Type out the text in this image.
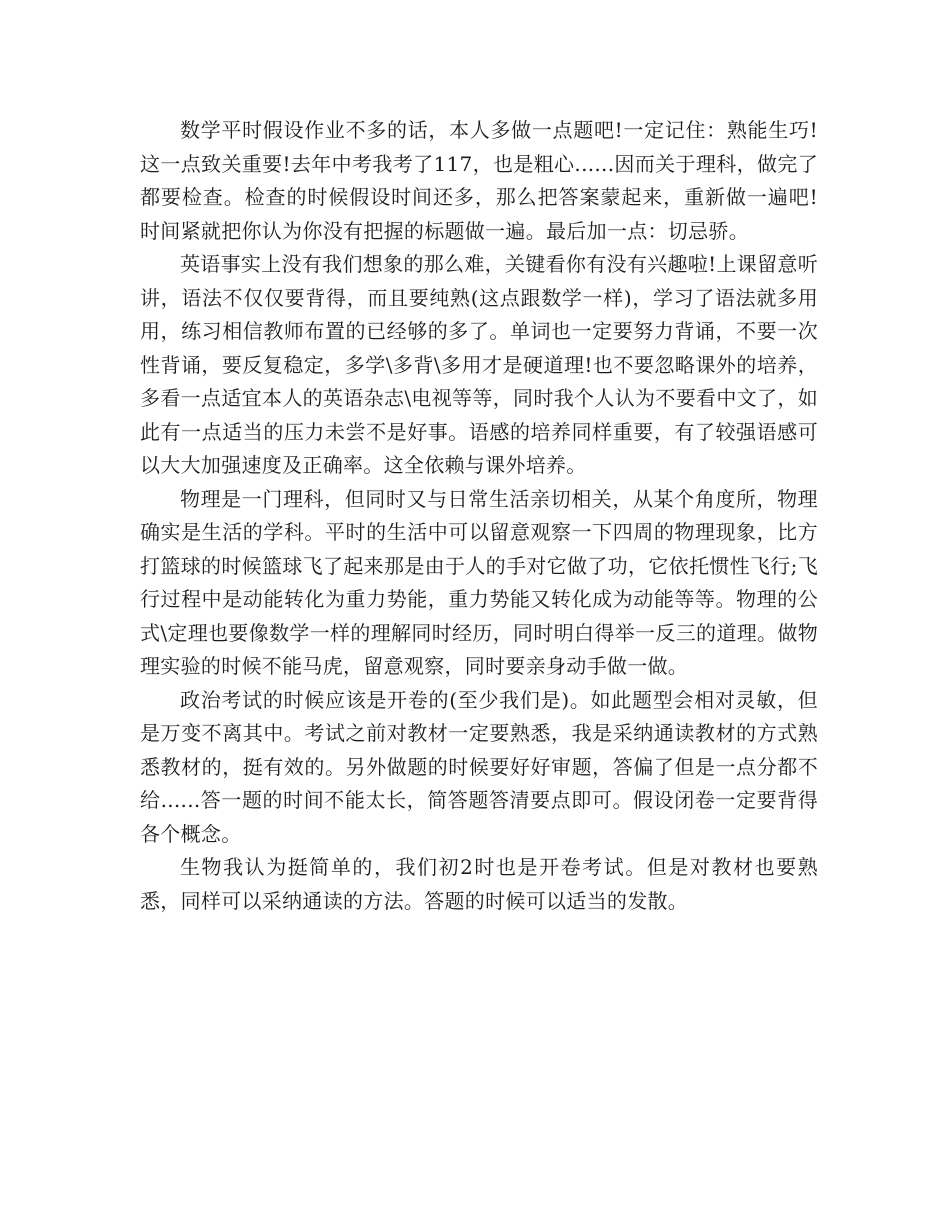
数学平时假设作业不多的话，本人多做一点题吧!一定记住：熟能生巧!这一点致关重要!去年中考我考了117，也是粗心......因而关于理科，做完了都要检查。检查的时候假设时间还多，那么把答案蒙起来，重新做一遍吧!时间紧就把你认为你没有把握的标题做一遍。最后加一点：切忌骄。

英语事实上没有我们想象的那么难，关键看你有没有兴趣啦!上课留意听讲，语法不仅仅要背得，而且要纯熟(这点跟数学一样)，学习了语法就多用用，练习相信教师布置的已经够的多了。单词也一定要努力背诵，不要一次性背诵，要反复稳定，多学\多背\多用才是硬道理!也不要忽略课外的培养，多看一点适宜本人的英语杂志\电视等等，同时我个人认为不要看中文了，如此有一点适当的压力未尝不是好事。语感的培养同样重要，有了较强语感可以大大加强速度及正确率。这全依赖与课外培养。

物理是一门理科，但同时又与日常生活亲切相关，从某个角度所，物理确实是生活的学科。平时的生活中可以留意观察一下四周的物理现象，比方打篮球的时候篮球飞了起来那是由于人的手对它做了功，它依托惯性飞行;飞行过程中是动能转化为重力势能，重力势能又转化成为动能等等。物理的公式\定理也要像数学一样的理解同时经历，同时明白得举一反三的道理。做物理实验的时候不能马虎，留意观察，同时要亲身动手做一做。

政治考试的时候应该是开卷的(至少我们是)。如此题型会相对灵敏，但是万变不离其中。考试之前对教材一定要熟悉，我是采纳通读教材的方式熟悉教材的，挺有效的。另外做题的时候要好好审题，答偏了但是一点分都不给......答一题的时间不能太长，简答题答清要点即可。假设闭卷一定要背得各个概念。

生物我认为挺简单的，我们初2时也是开卷考试。但是对教材也要熟悉，同样可以采纳通读的方法。答题的时候可以适当的发散。
